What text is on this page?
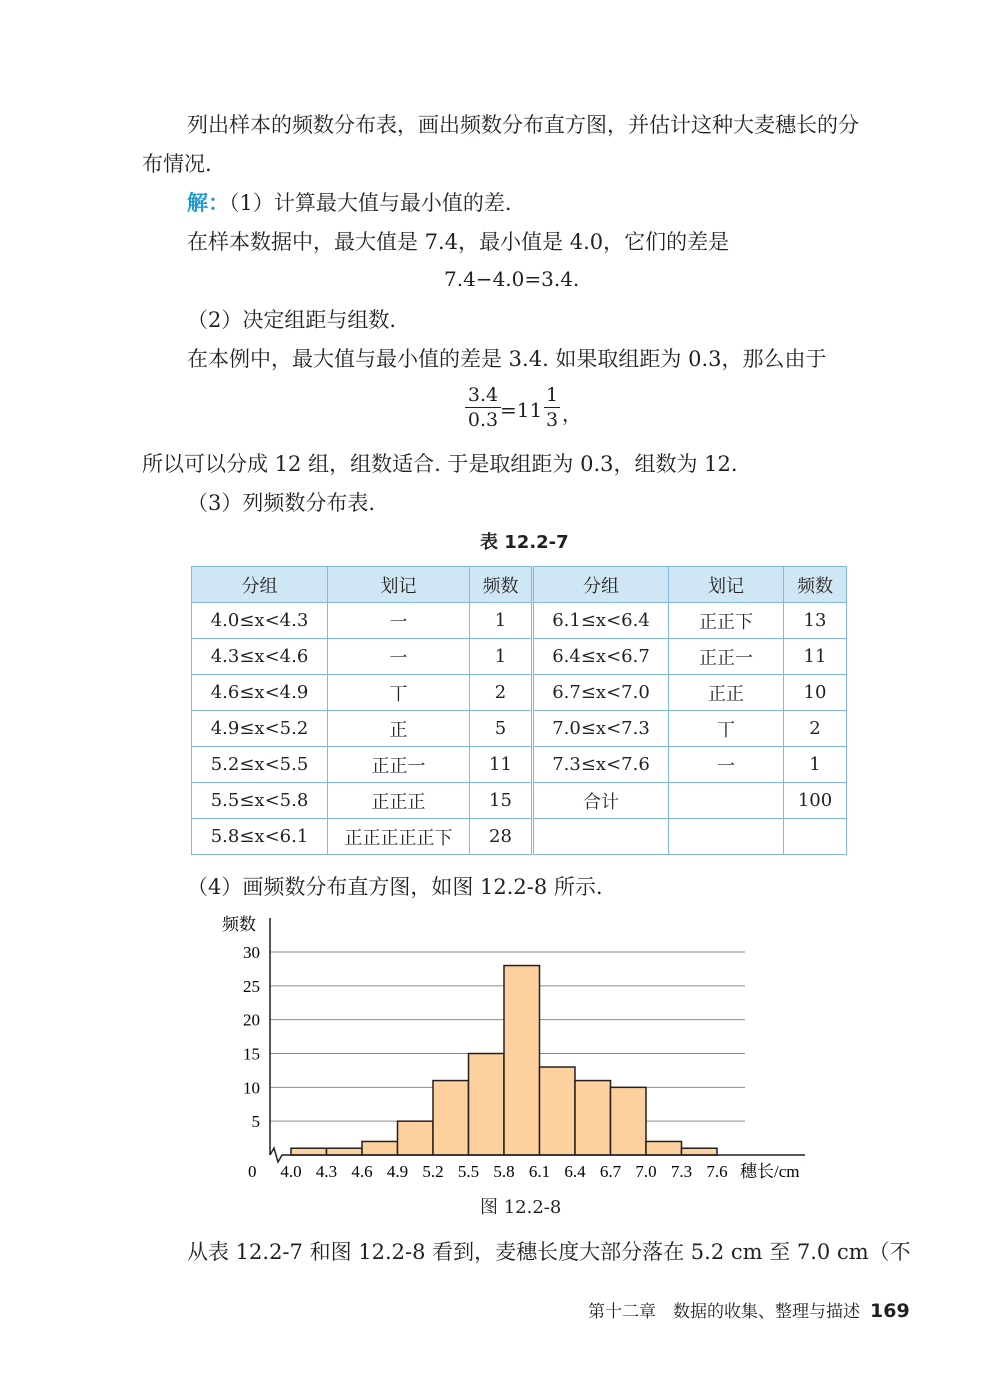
列出样本的频数分布表，画出频数分布直方图，并估计这种大麦穗长的分
布情况.
解：（1）计算最大值与最小值的差.
在样本数据中，最大值是 7.4，最小值是 4.0，它们的差是
7.4−4.0=3.4.
（2）决定组距与组数.
在本例中，最大值与最小值的差是 3.4. 如果取组距为 0.3，那么由于
$\frac{3.4}{0.3} =11 \frac{1}{3}$ ，
所以可以分成 12 组，组数适合. 于是取组距为 0.3，组数为 12.
（3）列频数分布表.
表 12.2-7
分组	划记	频数	分组	划记	频数
4.0≤x<4.3	一	1	6.1≤x<6.4	正正下	13
4.3≤x<4.6	一	1	6.4≤x<6.7	正正一	11
4.6≤x<4.9	丅	2	6.7≤x<7.0	正正	10
4.9≤x<5.2	正	5	7.0≤x<7.3	丅	2
5.2≤x<5.5	正正一	11	7.3≤x<7.6	一	1
5.5≤x<5.8	正正正	15	合计		100
5.8≤x<6.1	正正正正正下	28			
（4）画频数分布直方图，如图 12.2-8 所示.
频数
穗长/cm
0
5
10
15
20
25
30
4.0 4.3 4.6 4.9 5.2 5.5 5.8 6.1 6.4 6.7 7.0 7.3 7.6
图 12.2-8
从表 12.2-7 和图 12.2-8 看到，麦穗长度大部分落在 5.2 cm 至 7.0 cm（不
第十二章　数据的收集、整理与描述 169
